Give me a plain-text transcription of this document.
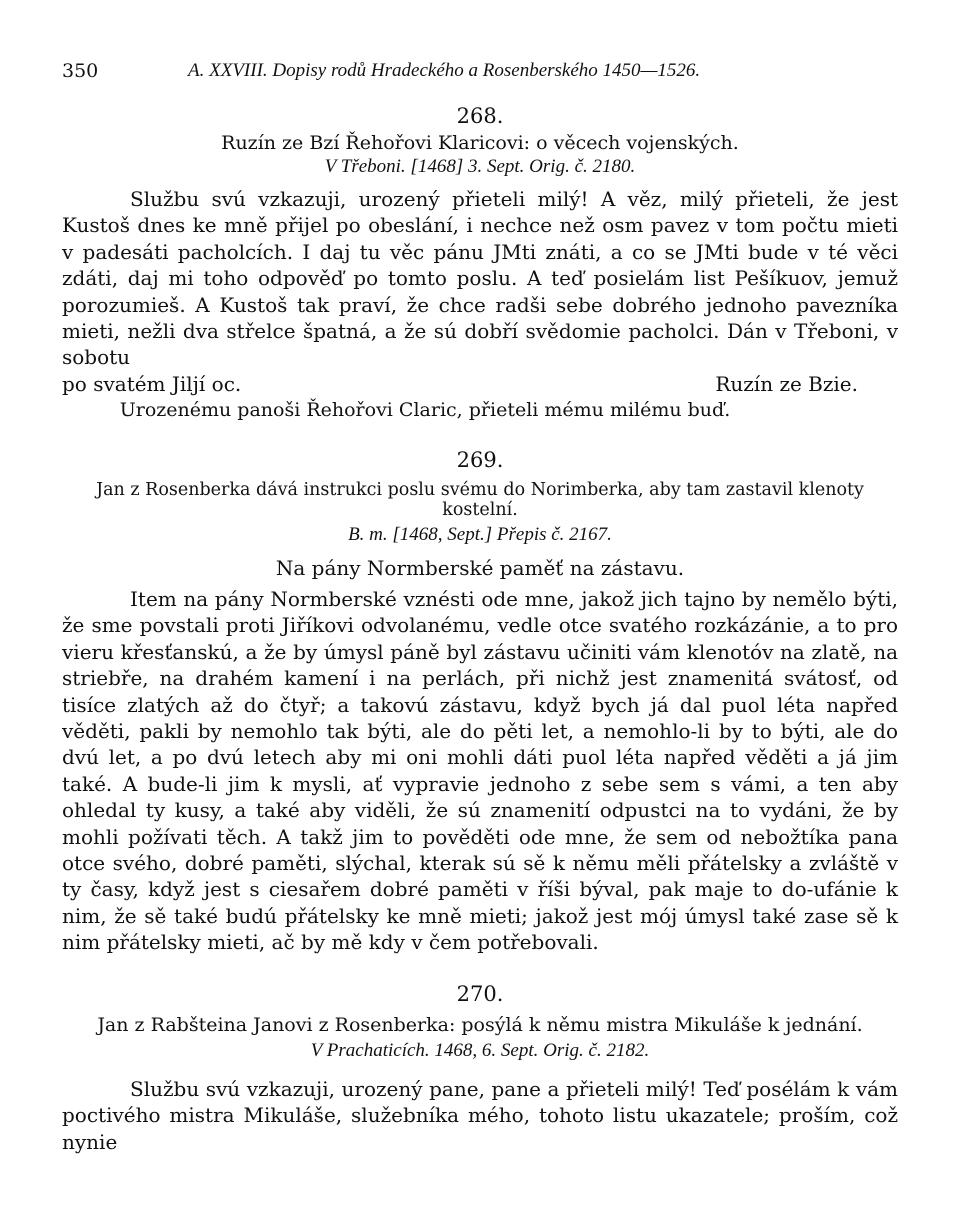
350	A. XXVIII. Dopisy rodů Hradeckého a Rosenberského 1450—1526.

268.

Ruzín ze Bzí Řehořovi Klaricovi: o věcech vojenských.

V Třeboni. [1468] 3. Sept. Orig. č. 2180.

Službu svú vzkazuji, urozený přieteli milý! A věz, milý přieteli, že jest Kustoš dnes ke mně přijel po obeslání, i nechce než osm pavez v tom počtu mieti v padesáti pacholcích. I daj tu věc pánu JMti znáti, a co se JMti bude v té věci zdáti, daj mi toho odpověď po tomto poslu. A teď posielám list Pešíkuov, jemuž porozumieš. A Kustoš tak praví, že chce radši sebe dobrého jednoho pavezníka mieti, nežli dva střelce špatná, a že sú dobří svědomie pacholci. Dán v Třeboni, v sobotu

po svatém Jiljí oc.	Ruzín ze Bzie.

Urozenému panoši Řehořovi Claric, přieteli mému milému buď.

269.

Jan z Rosenberka dává instrukci poslu svému do Norimberka, aby tam zastavil klenoty kostelní.

B. m. [1468, Sept.] Přepis č. 2167.

Na pány Normberské paměť na zástavu.

Item na pány Normberské vznésti ode mne, jakož jich tajno by nemělo býti, že sme povstali proti Jiříkovi odvolanému, vedle otce svatého rozkázánie, a to pro vieru křesťanskú, a že by úmysl páně byl zástavu učiniti vám klenotóv na zlatě, na striebře, na drahém kamení i na perlách, při nichž jest znamenitá svátosť, od tisíce zlatých až do čtyř; a takovú zástavu, když bych já dal puol léta napřed věděti, pakli by nemohlo tak býti, ale do pěti let, a nemohlo-li by to býti, ale do dvú let, a po dvú letech aby mi oni mohli dáti puol léta napřed věděti a já jim také. A bude-li jim k mysli, ať vypravie jednoho z sebe sem s vámi, a ten aby ohledal ty kusy, a také aby viděli, že sú znamenití odpustci na to vydáni, že by mohli požívati těch. A takž jim to pověděti ode mne, že sem od nebožtíka pana otce svého, dobré paměti, slýchal, kterak sú sě k němu měli přátelsky a zvláště v ty časy, když jest s ciesařem dobré paměti v říši býval, pak maje to do-ufánie k nim, že sě také budú přátelsky ke mně mieti; jakož jest mój úmysl také zase sě k nim přátelsky mieti, ač by mě kdy v čem potřebovali.

270.

Jan z Rabšteina Janovi z Rosenberka: posýlá k němu mistra Mikuláše k jednání.

V Prachaticích. 1468, 6. Sept. Orig. č. 2182.

Službu svú vzkazuji, urozený pane, pane a přieteli milý! Teď posélám k vám poctivého mistra Mikuláše, služebníka mého, tohoto listu ukazatele; proším, což nynie
